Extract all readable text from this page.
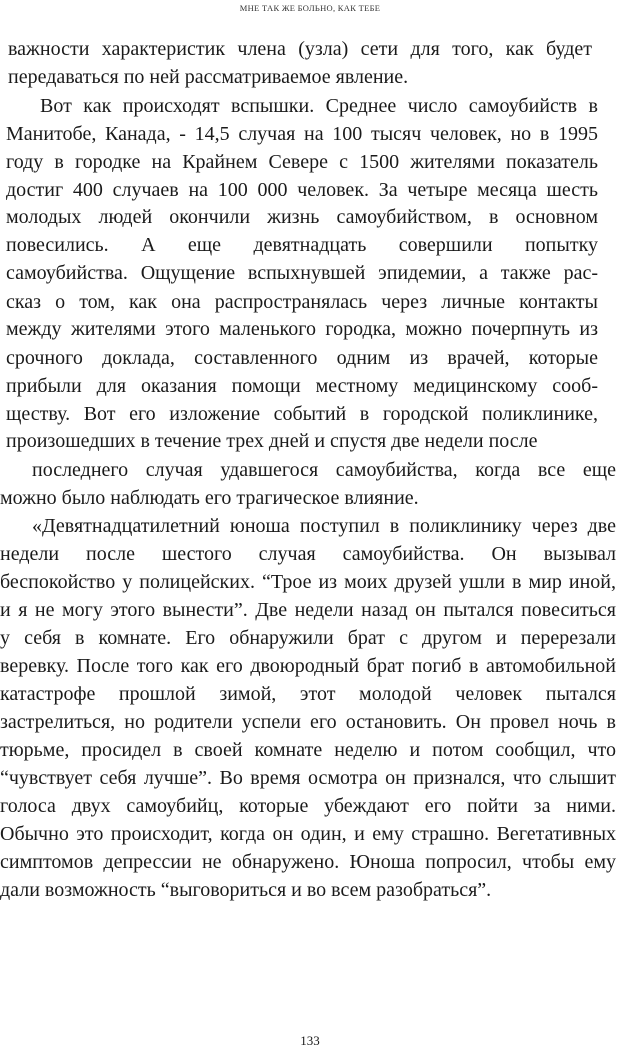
МНЕ ТАК ЖЕ БОЛЬНО, КАК ТЕБЕ
важности характеристик члена (узла) сети для того, как будет
передаваться по ней рассматриваемое явление.
Вот как происходят вспышки. Среднее число самоубийств в
Манитобе, Канада, - 14,5 случая на 100 тысяч человек, но в 1995
году в городке на Крайнем Севере с 1500 жителями показатель
достиг 400 случаев на 100 000 человек. За четыре месяца шесть
молодых людей окончили жизнь самоубийством, в основном
повесились. А еще девятнадцать совершили попытку
самоубийства. Ощущение вспыхнувшей эпидемии, а также рас-
сказ о том, как она распространялась через личные контакты
между жителями этого маленького городка, можно почерпнуть из
срочного доклада, составленного одним из врачей, которые
прибыли для оказания помощи местному медицинскому сооб-
ществу. Вот его изложение событий в городской поликлинике,
произошедших в течение трех дней и спустя две недели после
последнего случая удавшегося самоубийства, когда все еще
можно было наблюдать его трагическое влияние.
«Девятнадцатилетний юноша поступил в поликлинику через две
недели после шестого случая самоубийства. Он вызывал
беспокойство у полицейских. “Трое из моих друзей ушли в мир иной,
и я не могу этого вынести”. Две недели назад он пытался повеситься
у себя в комнате. Его обнаружили брат с другом и перерезали
веревку. После того как его двоюродный брат погиб в автомобильной
катастрофе прошлой зимой, этот молодой человек пытался
застрелиться, но родители успели его остановить. Он провел ночь в
тюрьме, просидел в своей комнате неделю и потом сообщил, что
“чувствует себя лучше”. Во время осмотра он признался, что слышит
голоса двух самоубийц, которые убеждают его пойти за ними.
Обычно это происходит, когда он один, и ему страшно. Вегетативных
симптомов депрессии не обнаружено. Юноша попросил, чтобы ему
дали возможность “выговориться и во всем разобраться”.
133
